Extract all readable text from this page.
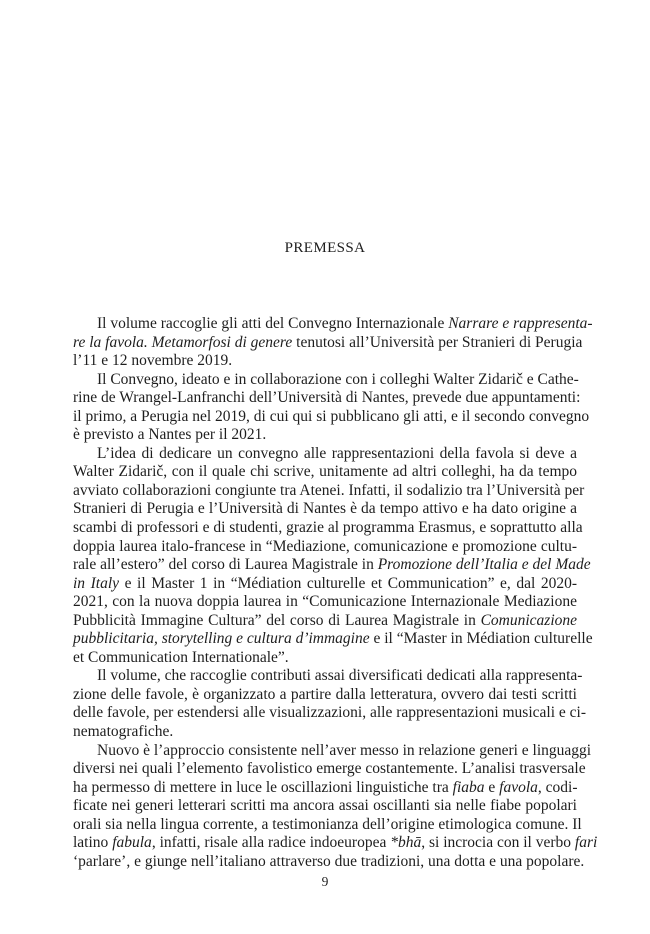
PREMESSA
Il volume raccoglie gli atti del Convegno Internazionale Narrare e rappresenta-
re la favola. Metamorfosi di genere tenutosi all’Università per Stranieri di Perugia
l’11 e 12 novembre 2019.
Il Convegno, ideato e in collaborazione con i colleghi Walter Zidarič e Cathe-
rine de Wrangel-Lanfranchi dell’Università di Nantes, prevede due appuntamenti:
il primo, a Perugia nel 2019, di cui qui si pubblicano gli atti, e il secondo convegno
è previsto a Nantes per il 2021.
L’idea di dedicare un convegno alle rappresentazioni della favola si deve a
Walter Zidarič, con il quale chi scrive, unitamente ad altri colleghi, ha da tempo
avviato collaborazioni congiunte tra Atenei. Infatti, il sodalizio tra l’Università per
Stranieri di Perugia e l’Università di Nantes è da tempo attivo e ha dato origine a
scambi di professori e di studenti, grazie al programma Erasmus, e soprattutto alla
doppia laurea italo-francese in “Mediazione, comunicazione e promozione cultu-
rale all’estero” del corso di Laurea Magistrale in Promozione dell’Italia e del Made
in Italy e il Master 1 in “Médiation culturelle et Communication” e, dal 2020-
2021, con la nuova doppia laurea in “Comunicazione Internazionale Mediazione
Pubblicità Immagine Cultura” del corso di Laurea Magistrale in Comunicazione
pubblicitaria, storytelling e cultura d’immagine e il “Master in Médiation culturelle
et Communication Internationale”.
Il volume, che raccoglie contributi assai diversificati dedicati alla rappresenta-
zione delle favole, è organizzato a partire dalla letteratura, ovvero dai testi scritti
delle favole, per estendersi alle visualizzazioni, alle rappresentazioni musicali e ci-
nematografiche.
Nuovo è l’approccio consistente nell’aver messo in relazione generi e linguaggi
diversi nei quali l’elemento favolistico emerge costantemente. L’analisi trasversale
ha permesso di mettere in luce le oscillazioni linguistiche tra fiaba e favola, codi-
ficate nei generi letterari scritti ma ancora assai oscillanti sia nelle fiabe popolari
orali sia nella lingua corrente, a testimonianza dell’origine etimologica comune. Il
latino fabula, infatti, risale alla radice indoeuropea *bhā, si incrocia con il verbo fari
‘parlare’, e giunge nell’italiano attraverso due tradizioni, una dotta e una popolare.
9
